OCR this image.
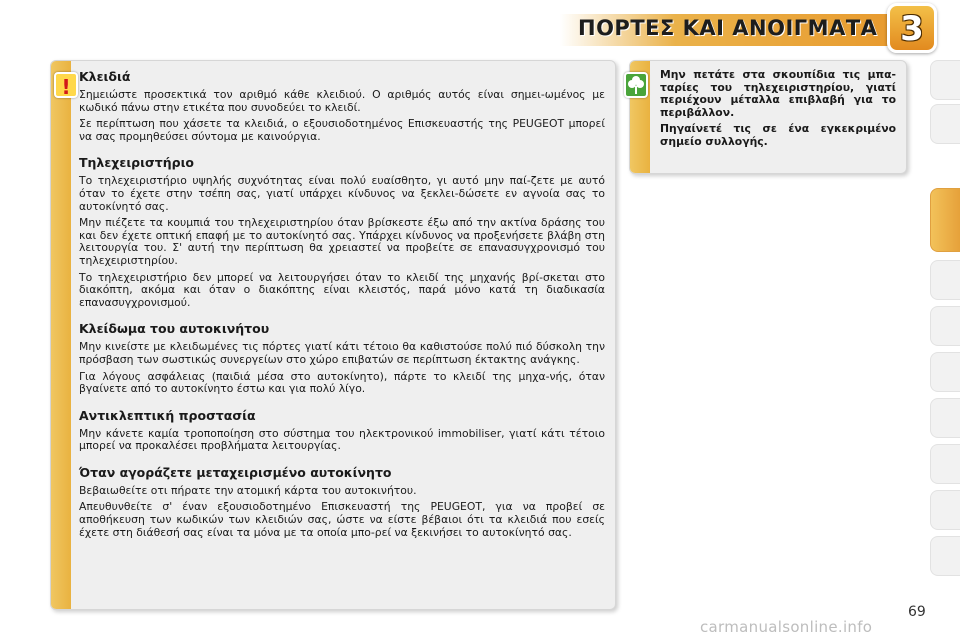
ΠΟΡΤΕΣ ΚΑΙ ΑΝΟΙΓΜΑΤΑ 3
Κλειδιά

Σημειώστε προσεκτικά τον αριθμό κάθε κλειδιού. Ο αριθμός αυτός είναι σημει-ωμένος με κωδικό πάνω στην ετικέτα που συνοδεύει το κλειδί.

Σε περίπτωση που χάσετε τα κλειδιά, ο εξουσιοδοτημένος Επισκευαστής της PEUGEOT μπορεί να σας προμηθεύσει σύντομα με καινούργια.

Τηλεχειριστήριο

Το τηλεχειριστήριο υψηλής συχνότητας είναι πολύ ευαίσθητο, γι αυτό μην παί-ζετε με αυτό όταν το έχετε στην τσέπη σας, γιατί υπάρχει κίνδυνος να ξεκλει-δώσετε εν αγνοία σας το αυτοκίνητό σας.

Μην πιέζετε τα κουμπιά του τηλεχειριστηρίου όταν βρίσκεστε έξω από την ακτίνα δράσης του και δεν έχετε οπτική επαφή με το αυτοκίνητό σας. Υπάρχει κίνδυνος να προξενήσετε βλάβη στη λειτουργία του. Σ' αυτή την περίπτωση θα χρειαστεί να προβείτε σε επανασυγχρονισμό του τηλεχειριστηρίου.

Το τηλεχειριστήριο δεν μπορεί να λειτουργήσει όταν το κλειδί της μηχανής βρί-σκεται στο διακόπτη, ακόμα και όταν ο διακόπτης είναι κλειστός, παρά μόνο κατά τη διαδικασία επανασυγχρονισμού.

Κλείδωμα του αυτοκινήτου

Μην κινείστε με κλειδωμένες τις πόρτες γιατί κάτι τέτοιο θα καθιστούσε πολύ πιό δύσκολη την πρόσβαση των σωστικώς συνεργείων στο χώρο επιβατών σε περίπτωση έκτακτης ανάγκης.

Για λόγους ασφάλειας (παιδιά μέσα στο αυτοκίνητο), πάρτε το κλειδί της μηχα-νής, όταν βγαίνετε από το αυτοκίνητο έστω και για πολύ λίγο.

Αντικλεπτική προστασία

Μην κάνετε καμία τροποποίηση στο σύστημα του ηλεκτρονικού immobiliser, γιατί κάτι τέτοιο μπορεί να προκαλέσει προβλήματα λειτουργίας.

Όταν αγοράζετε μεταχειρισμένο αυτοκίνητο

Βεβαιωθείτε οτι πήρατε την ατομική κάρτα του αυτοκινήτου.

Απευθυνθείτε σ' έναν εξουσιοδοτημένο Επισκευαστή της PEUGEOT, για να προβεί σε αποθήκευση των κωδικών των κλειδιών σας, ώστε να είστε βέβαιοι ότι τα κλειδιά που εσείς έχετε στη διάθεσή σας είναι τα μόνα με τα οποία μπο-ρεί να ξεκινήσει το αυτοκίνητό σας.

!

Μην πετάτε στα σκουπίδια τις μπα-ταρίες του τηλεχειριστηρίου, γιατί περιέχουν μέταλλα επιβλαβή για το περιβάλλον.

Πηγαίνετέ τις σε ένα εγκεκριμένο σημείο συλλογής.

69
carmanualsonline.info
